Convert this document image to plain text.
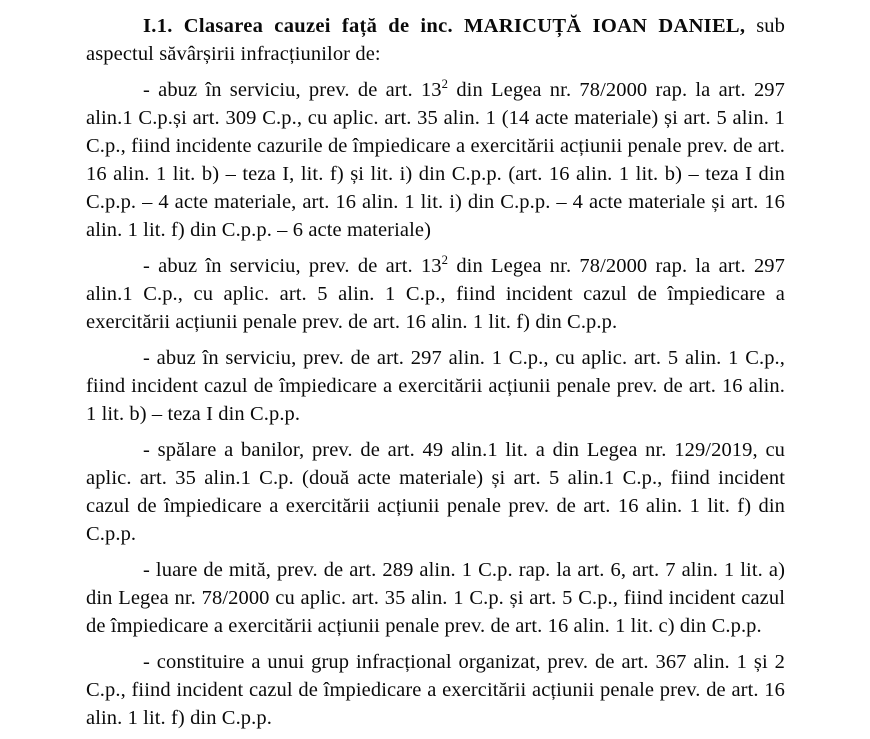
I.1. Clasarea cauzei față de inc. MARICUȚĂ IOAN DANIEL, sub aspectul săvârșirii infracțiunilor de:

- abuz în serviciu, prev. de art. $13^2$ din Legea nr. 78/2000 rap. la art. 297 alin.1 C.p.și art. 309 C.p., cu aplic. art. 35 alin. 1 (14 acte materiale) și art. 5 alin. 1 C.p., fiind incidente cazurile de împiedicare a exercitării acțiunii penale prev. de art. 16 alin. 1 lit. b) – teza I, lit. f) și lit. i) din C.p.p. (art. 16 alin. 1 lit. b) – teza I din C.p.p. – 4 acte materiale, art. 16 alin. 1 lit. i) din C.p.p. – 4 acte materiale și art. 16 alin. 1 lit. f) din C.p.p. – 6 acte materiale)

- abuz în serviciu, prev. de art. $13^2$ din Legea nr. 78/2000 rap. la art. 297 alin.1 C.p., cu aplic. art. 5 alin. 1 C.p., fiind incident cazul de împiedicare a exercitării acțiunii penale prev. de art. 16 alin. 1 lit. f) din C.p.p.

- abuz în serviciu, prev. de art. 297 alin. 1 C.p., cu aplic. art. 5 alin. 1 C.p., fiind incident cazul de împiedicare a exercitării acțiunii penale prev. de art. 16 alin. 1 lit. b) – teza I din C.p.p.

- spălare a banilor, prev. de art. 49 alin.1 lit. a din Legea nr. 129/2019, cu aplic. art. 35 alin.1 C.p. (două acte materiale) și art. 5 alin.1 C.p., fiind incident cazul de împiedicare a exercitării acțiunii penale prev. de art. 16 alin. 1 lit. f) din C.p.p.

- luare de mită, prev. de art. 289 alin. 1 C.p. rap. la art. 6, art. 7 alin. 1 lit. a) din Legea nr. 78/2000 cu aplic. art. 35 alin. 1 C.p. și art. 5 C.p., fiind incident cazul de împiedicare a exercitării acțiunii penale prev. de art. 16 alin. 1 lit. c) din C.p.p.

- constituire a unui grup infracțional organizat, prev. de art. 367 alin. 1 și 2 C.p., fiind incident cazul de împiedicare a exercitării acțiunii penale prev. de art. 16 alin. 1 lit. f) din C.p.p.
